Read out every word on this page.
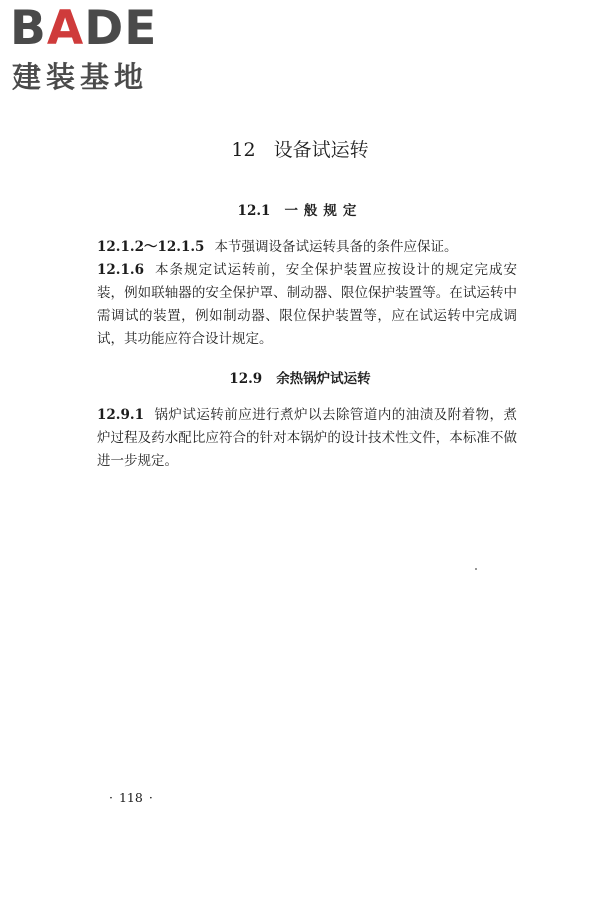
BADE
建装基地
12 设备试运转
12.1 一般规定
12.1.2～12.1.5 本节强调设备试运转具备的条件应保证。
12.1.6 本条规定试运转前，安全保护装置应按设计的规定完成安装，例如联轴器的安全保护罩、制动器、限位保护装置等。在试运转中需调试的装置，例如制动器、限位保护装置等，应在试运转中完成调试，其功能应符合设计规定。
12.9 余热锅炉试运转
12.9.1 锅炉试运转前应进行煮炉以去除管道内的油渍及附着物，煮炉过程及药水配比应符合的针对本锅炉的设计技术性文件，本标准不做进一步规定。
· 118 ·
